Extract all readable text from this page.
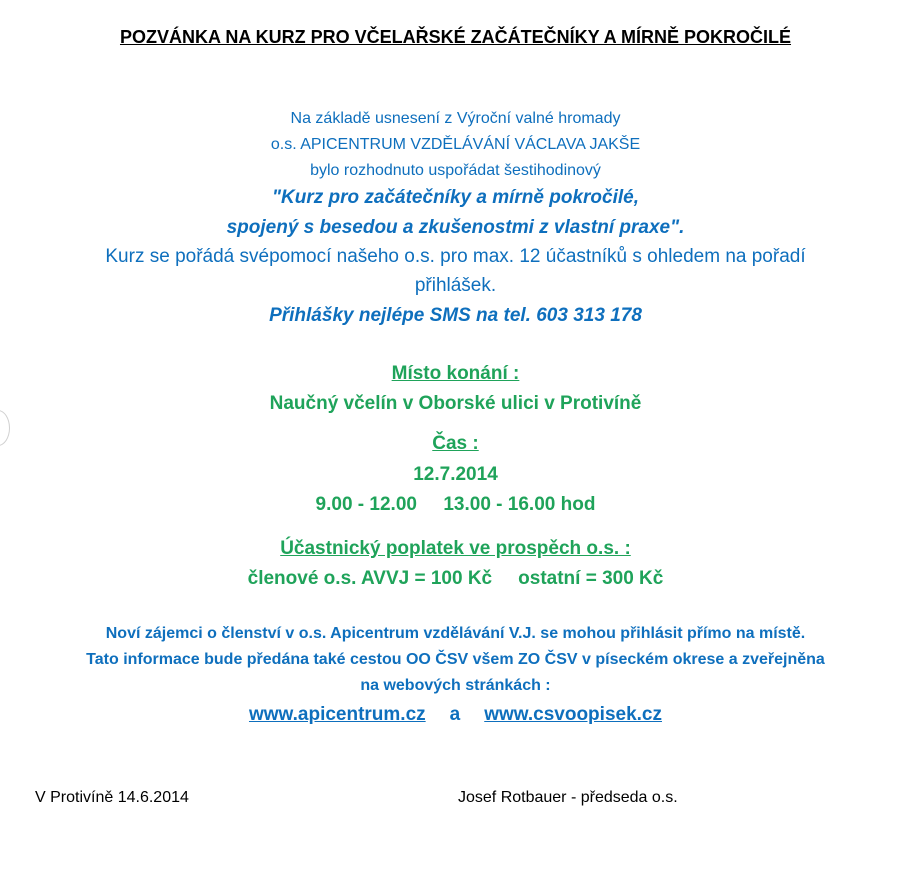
POZVÁNKA NA KURZ PRO VČELAŘSKÉ ZAČÁTEČNÍKY A MÍRNĚ POKROČILÉ
Na základě usnesení z Výroční valné hromady
o.s. APICENTRUM VZDĚLÁVÁNÍ VÁCLAVA JAKŠE
bylo rozhodnuto uspořádat šestihodinový
"Kurz pro začátečníky a mírně pokročilé,
spojený s besedou a zkušenostmi z vlastní praxe".
Kurz se pořádá svépomocí našeho o.s. pro max. 12 účastníků s ohledem na pořadí
přihlášek.
Přihlášky nejlépe SMS na tel. 603 313 178
Místo konání :
Naučný včelín v Oborské ulici v Protivíně
Čas :
12.7.2014
9.00 - 12.00     13.00 - 16.00 hod
Účastnický poplatek ve prospěch o.s. :
členové o.s. AVVJ = 100 Kč ostatní = 300 Kč
Noví zájemci o členství v o.s. Apicentrum vzdělávání V.J. se mohou přihlásit přímo na místě.
Tato informace bude předána také cestou OO ČSV všem ZO ČSV v píseckém okrese a zveřejněna
na webových stránkách :
www.apicentrum.cz a www.csvoopisek.cz
V Protivíně 14.6.2014	Josef Rotbauer - předseda o.s.
